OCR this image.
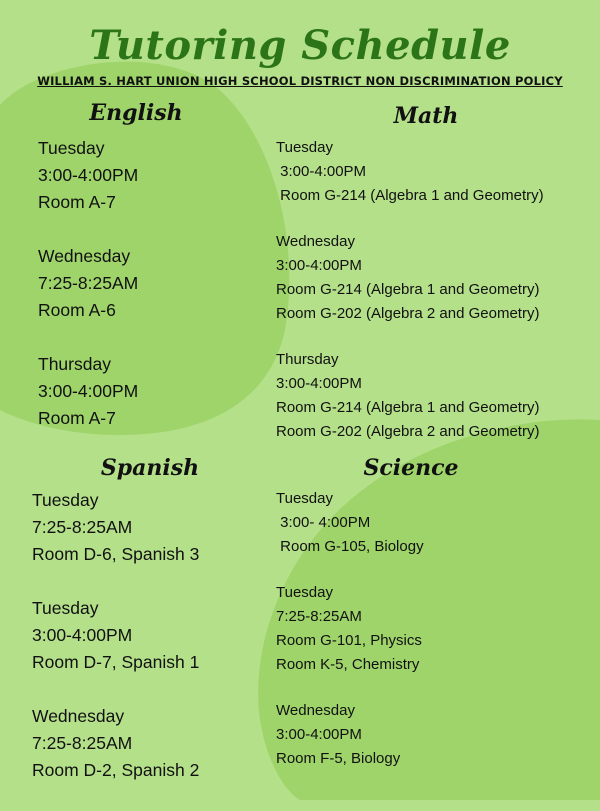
Tutoring Schedule
WILLIAM S. HART UNION HIGH SCHOOL DISTRICT NON DISCRIMINATION POLICY
English
Tuesday
3:00-4:00PM
Room A-7
Wednesday
7:25-8:25AM
Room A-6
Thursday
3:00-4:00PM
Room A-7
Math
Tuesday
3:00-4:00PM
Room G-214 (Algebra 1 and Geometry)
Wednesday
3:00-4:00PM
Room G-214 (Algebra 1 and Geometry)
Room G-202 (Algebra 2 and Geometry)
Thursday
3:00-4:00PM
Room G-214 (Algebra 1 and Geometry)
Room G-202 (Algebra 2 and Geometry)
Spanish
Tuesday
7:25-8:25AM
Room D-6, Spanish 3
Tuesday
3:00-4:00PM
Room D-7, Spanish 1
Wednesday
7:25-8:25AM
Room D-2, Spanish 2
Science
Tuesday
3:00- 4:00PM
Room G-105, Biology
Tuesday
7:25-8:25AM
Room G-101, Physics
Room K-5, Chemistry
Wednesday
3:00-4:00PM
Room F-5, Biology
